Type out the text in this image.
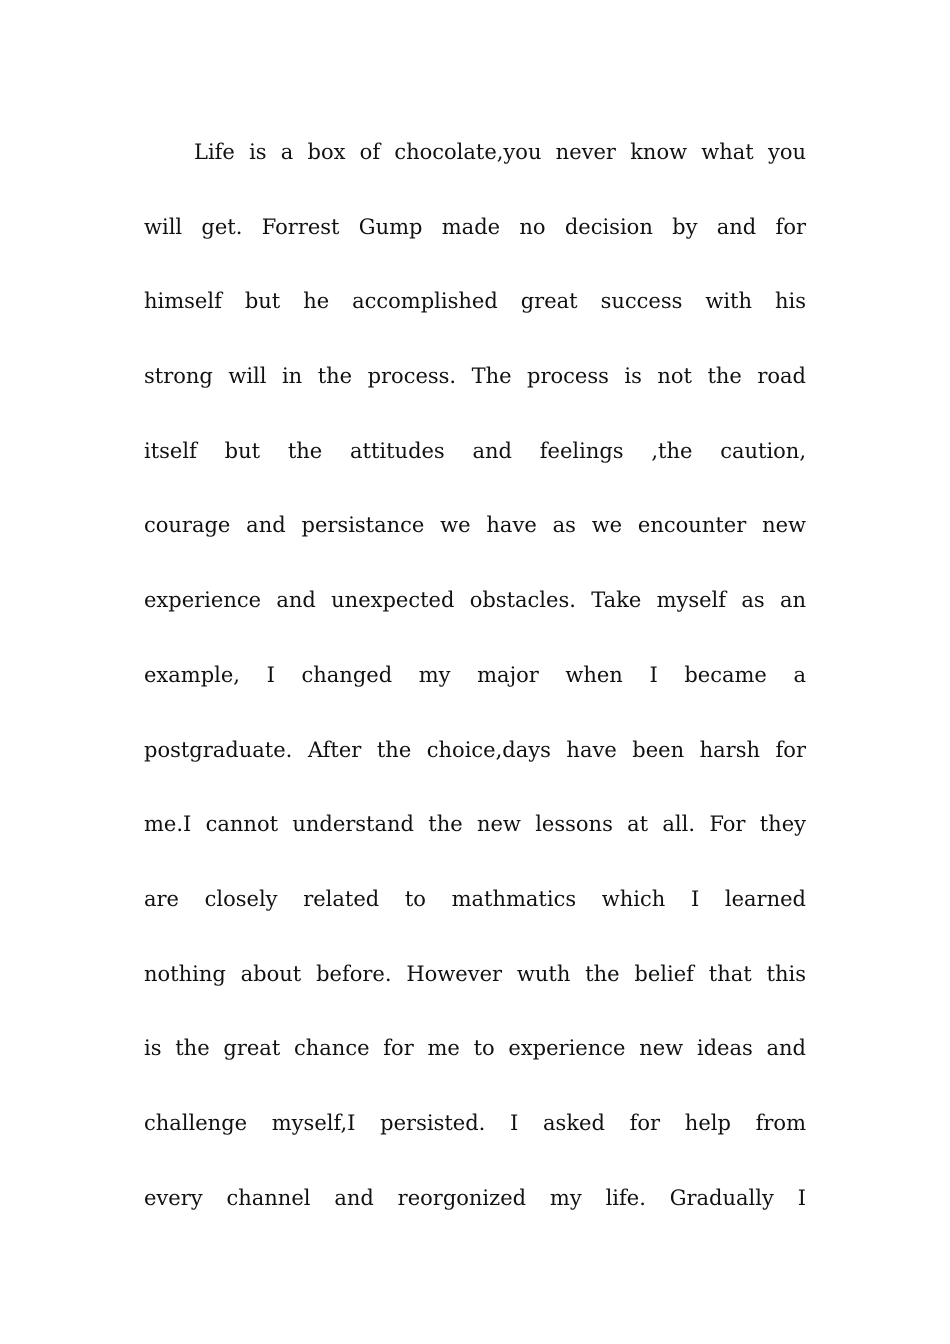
Life is a box of chocolate,you never know what you
will get. Forrest Gump made no decision by and for
himself but he accomplished great success with his
strong will in the process. The process is not the road
itself but the attitudes and feelings ,the caution,
courage and persistance we have as we encounter new
experience and unexpected obstacles. Take myself as an
example, I changed my major when I became a
postgraduate. After the choice,days have been harsh for
me.I cannot understand the new lessons at all. For they
are closely related to mathmatics which I learned
nothing about before. However wuth the belief that this
is the great chance for me to experience new ideas and
challenge myself,I persisted. I asked for help from
every channel and reorgonized my life. Gradually I
